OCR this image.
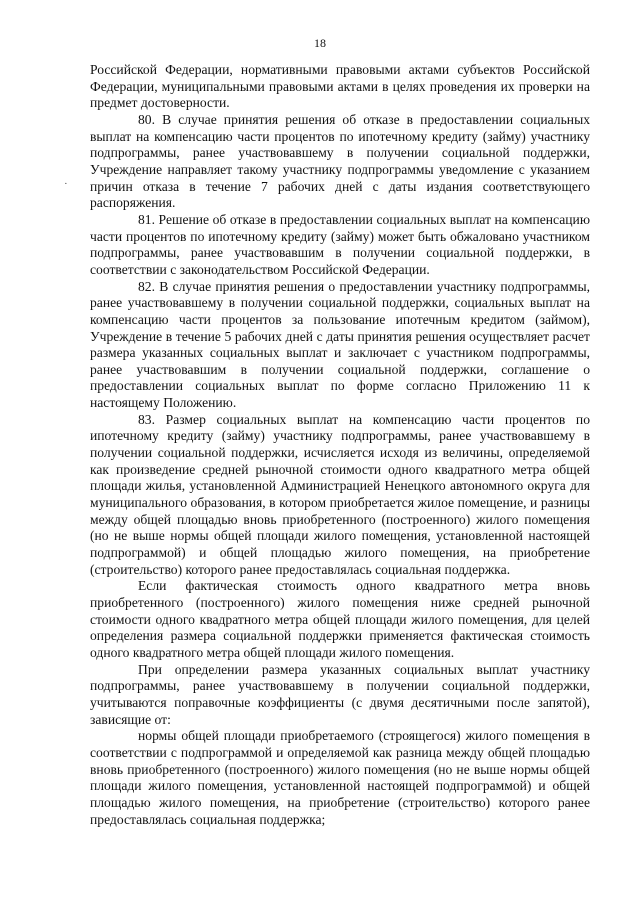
18
·

Российской Федерации, нормативными правовыми актами субъектов Российской Федерации, муниципальными правовыми актами в целях проведения их проверки на предмет достоверности.

80. В случае принятия решения об отказе в предоставлении социальных выплат на компенсацию части процентов по ипотечному кредиту (займу) участнику подпрограммы, ранее участвовавшему в получении социальной поддержки, Учреждение направляет такому участнику подпрограммы уведомление с указанием причин отказа в течение 7 рабочих дней с даты издания соответствующего распоряжения.

81. Решение об отказе в предоставлении социальных выплат на компенсацию части процентов по ипотечному кредиту (займу) может быть обжаловано участником подпрограммы, ранее участвовавшим в получении социальной поддержки, в соответствии с законодательством Российской Федерации.

82. В случае принятия решения о предоставлении участнику подпрограммы, ранее участвовавшему в получении социальной поддержки, социальных выплат на компенсацию части процентов за пользование ипотечным кредитом (займом), Учреждение в течение 5 рабочих дней с даты принятия решения осуществляет расчет размера указанных социальных выплат и заключает с участником подпрограммы, ранее участвовавшим в получении социальной поддержки, соглашение о предоставлении социальных выплат по форме согласно Приложению 11 к настоящему Положению.

83. Размер социальных выплат на компенсацию части процентов по ипотечному кредиту (займу) участнику подпрограммы, ранее участвовавшему в получении социальной поддержки, исчисляется исходя из величины, определяемой как произведение средней рыночной стоимости одного квадратного метра общей площади жилья, установленной Администрацией Ненецкого автономного округа для муниципального образования, в котором приобретается жилое помещение, и разницы между общей площадью вновь приобретенного (построенного) жилого помещения (но не выше нормы общей площади жилого помещения, установленной настоящей подпрограммой) и общей площадью жилого помещения, на приобретение (строительство) которого ранее предоставлялась социальная поддержка.

Если фактическая стоимость одного квадратного метра вновь приобретенного (построенного) жилого помещения ниже средней рыночной стоимости одного квадратного метра общей площади жилого помещения, для целей определения размера социальной поддержки применяется фактическая стоимость одного квадратного метра общей площади жилого помещения.

При определении размера указанных социальных выплат участнику подпрограммы, ранее участвовавшему в получении социальной поддержки, учитываются поправочные коэффициенты (с двумя десятичными после запятой), зависящие от:

нормы общей площади приобретаемого (строящегося) жилого помещения в соответствии с подпрограммой и определяемой как разница между общей площадью вновь приобретенного (построенного) жилого помещения (но не выше нормы общей площади жилого помещения, установленной настоящей подпрограммой) и общей площадью жилого помещения, на приобретение (строительство) которого ранее предоставлялась социальная поддержка;
